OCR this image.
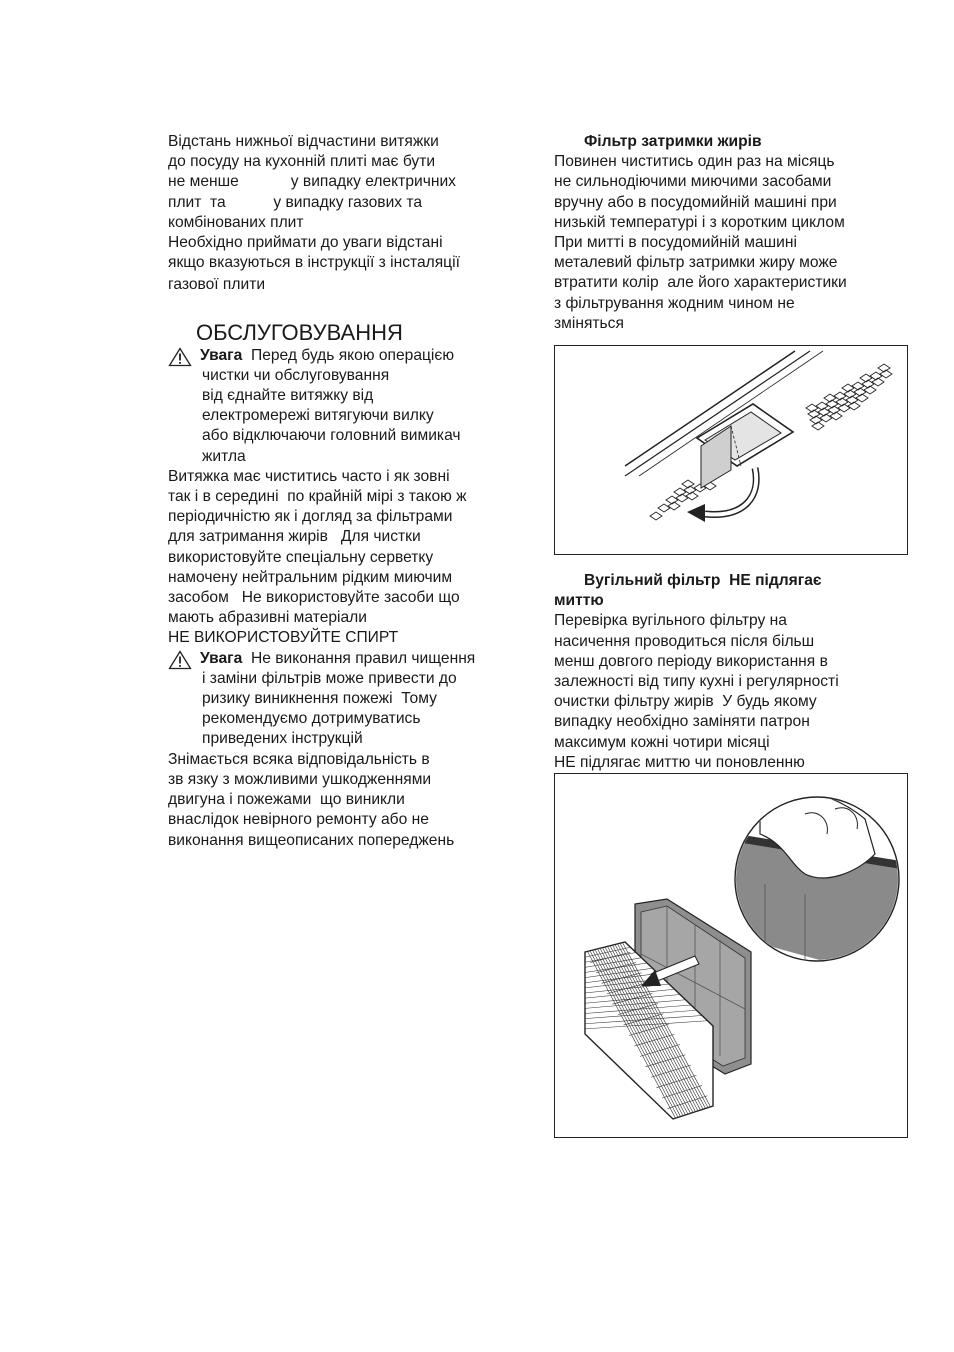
Відстань нижньої відчастини витяжки
до посуду на кухонній плиті має бути
не менше            у випадку електричних
плит  та           у випадку газових та
комбінованих плит
Необхідно приймати до уваги відстані
якщо вказуються в інструкції з інсталяції
газової плити
ОБСЛУГОВУВАННЯ
Увага  Перед будь якою операцією
чистки чи обслуговування
від єднайте витяжку від
електромережі витягуючи вилку
або відключаючи головний вимикач
житла
Витяжка має чиститись часто і як зовні
так і в середині  по крайній мірі з такою ж
періодичністю як і догляд за фільтрами
для затримання жирів   Для чистки
використовуйте спеціальну серветку
намочену нейтральним рідким миючим
засобом   Не використовуйте засоби що
мають абразивні матеріали
НЕ ВИКОРИСТОВУЙТЕ СПИРТ
Увага  Не виконання правил чищення
і заміни фільтрів може привести до
ризику виникнення пожежі  Тому
рекомендуємо дотримуватись
приведених інструкцій
Знімається всяка відповідальність в
зв язку з можливими ушкодженнями
двигуна і пожежами  що виникли
внаслідок невірного ремонту або не
виконання вищеописаних попереджень
Фільтр затримки жирів
Повинен чиститись один раз на місяць
не сильнодіючими миючими засобами
вручну або в посудомийній машині при
низькій температурі і з коротким циклом
При митті в посудомийній машині
металевий фільтр затримки жиру може
втратити колір  але його характеристики
з фільтрування жодним чином не
зміняться
Вугільний фільтр  НЕ підлягає
миттю
Перевірка вугільного фільтру на
насичення проводиться після більш
менш довгого періоду використання в
залежності від типу кухні і регулярності
очистки фільтру жирів  У будь якому
випадку необхідно заміняти патрон
максимум кожні чотири місяці
НЕ підлягає миттю чи поновленню
